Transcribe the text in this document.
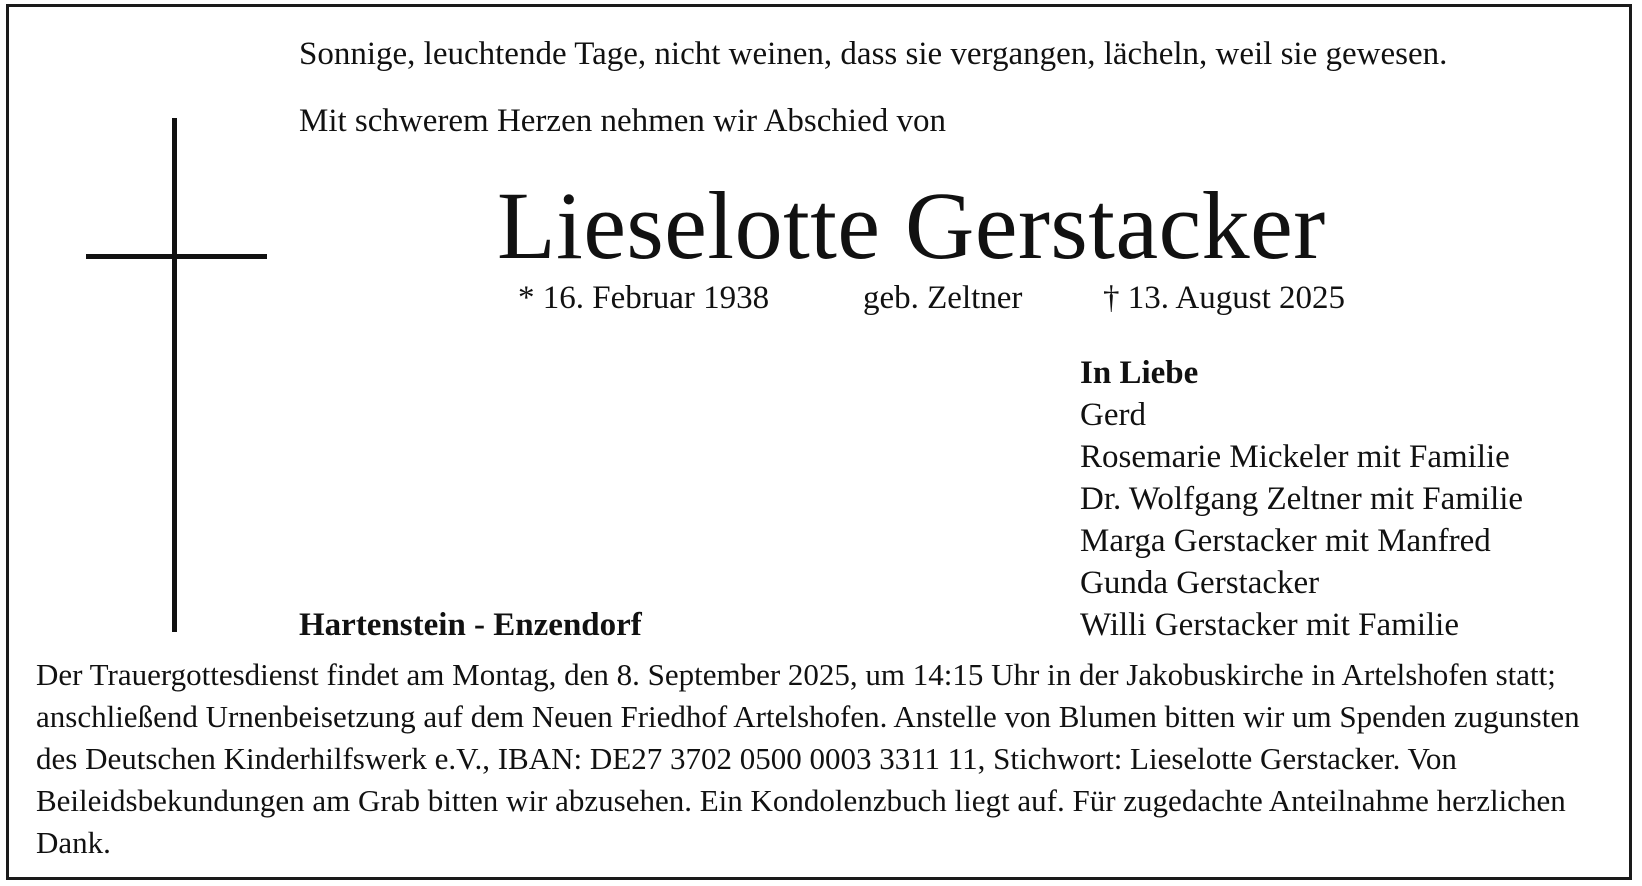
Sonnige, leuchtende Tage, nicht weinen, dass sie vergangen, lächeln, weil sie gewesen.
Mit schwerem Herzen nehmen wir Abschied von
Lieselotte Gerstacker
* 16. Februar 1938	geb. Zeltner † 13. August 2025
In Liebe
Gerd
Rosemarie Mickeler mit Familie
Dr. Wolfgang Zeltner mit Familie
Marga Gerstacker mit Manfred
Gunda Gerstacker
Willi Gerstacker mit Familie
Hartenstein - Enzendorf

Der Trauergottesdienst findet am Montag, den 8. September 2025, um 14:15 Uhr in der Jakobuskirche in Artelshofen statt; anschließend Urnenbeisetzung auf dem Neuen Friedhof Artelshofen. Anstelle von Blumen bitten wir um Spenden zugunsten des Deutschen Kinderhilfswerk e.V., IBAN: DE27 3702 0500 0003 3311 11, Stichwort: Lieselotte Gerstacker. Von Beileidsbekundungen am Grab bitten wir abzusehen. Ein Kondolenzbuch liegt auf. Für zugedachte Anteilnahme herzlichen Dank.
